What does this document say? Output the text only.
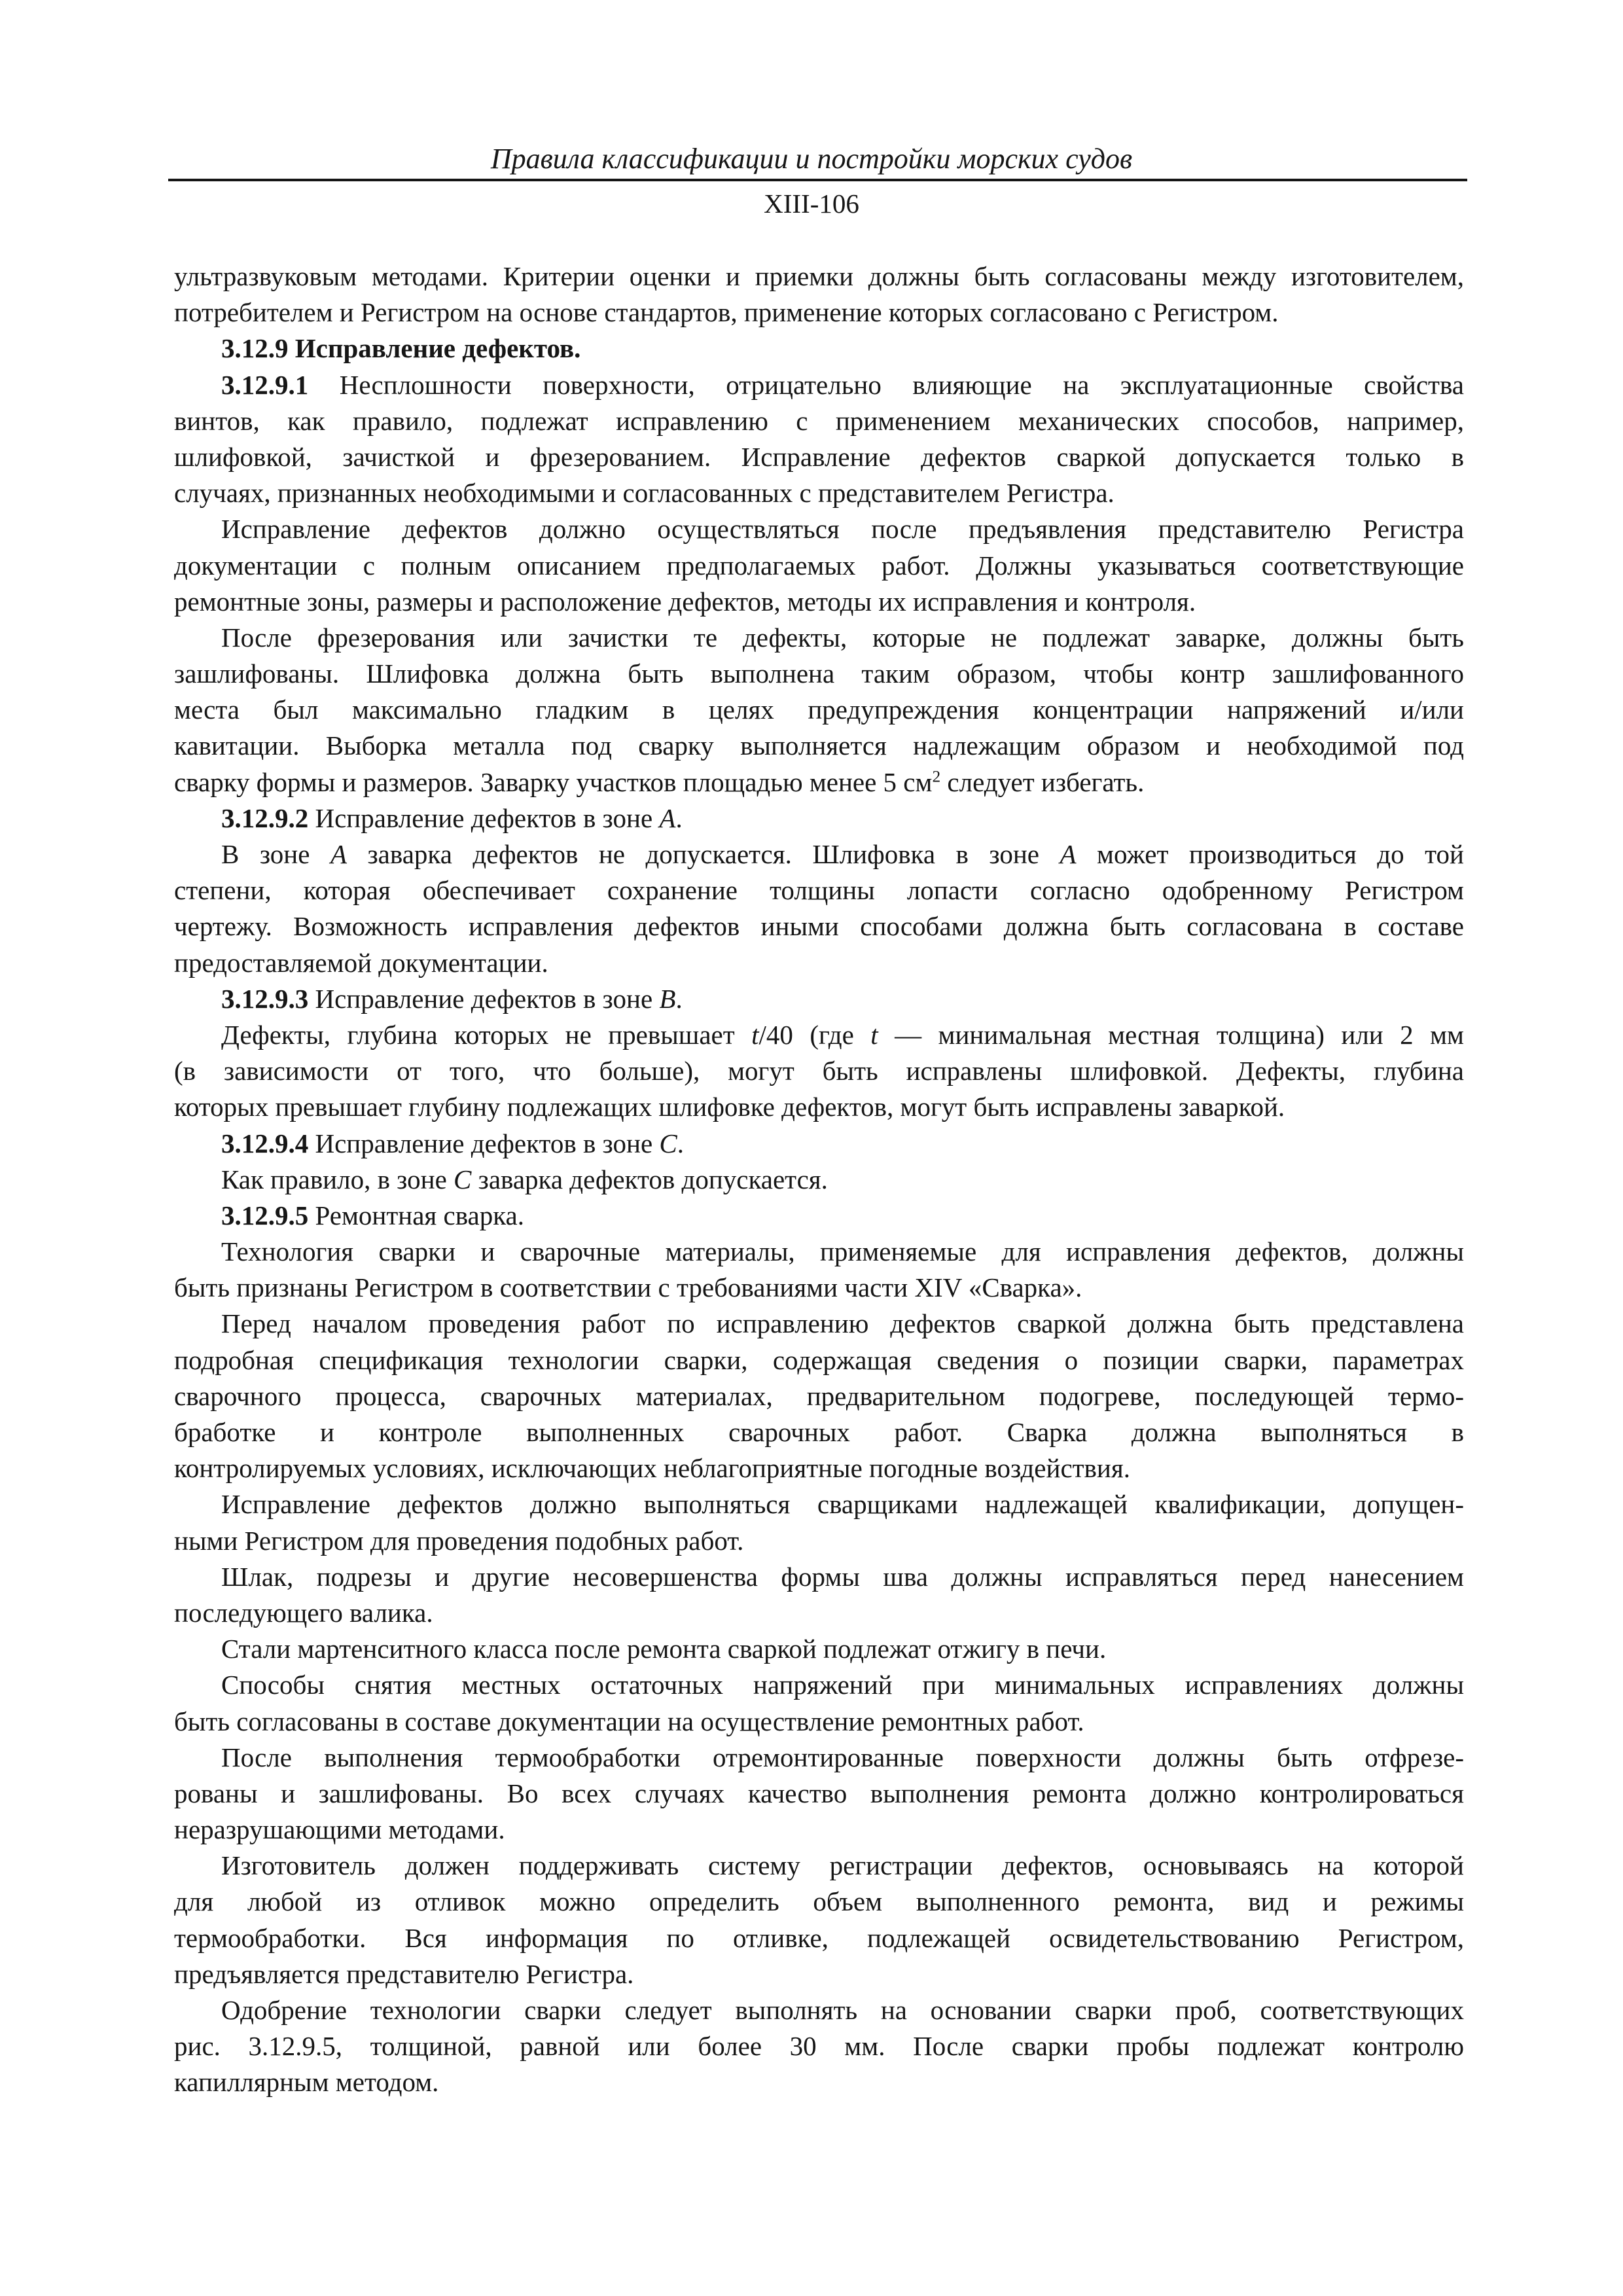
Правила классификации и постройки морских судов
XIII-106
ультразвуковым методами. Критерии оценки и приемки должны быть согласованы между изготовителем,
потребителем и Регистром на основе стандартов, применение которых согласовано с Регистром.
3.12.9 Исправление дефектов.
3.12.9.1 Несплошности поверхности, отрицательно влияющие на эксплуатационные свойства
винтов, как правило, подлежат исправлению с применением механических способов, например,
шлифовкой, зачисткой и фрезерованием. Исправление дефектов сваркой допускается только в
случаях, признанных необходимыми и согласованных с представителем Регистра.
Исправление дефектов должно осуществляться после предъявления представителю Регистра
документации с полным описанием предполагаемых работ. Должны указываться соответствующие
ремонтные зоны, размеры и расположение дефектов, методы их исправления и контроля.
После фрезерования или зачистки те дефекты, которые не подлежат заварке, должны быть
зашлифованы. Шлифовка должна быть выполнена таким образом, чтобы контр зашлифованного
места был максимально гладким в целях предупреждения концентрации напряжений и/или
кавитации. Выборка металла под сварку выполняется надлежащим образом и необходимой под
сварку формы и размеров. Заварку участков площадью менее 5 $см^2$ следует избегать.
3.12.9.2 Исправление дефектов в зоне A.
В зоне A заварка дефектов не допускается. Шлифовка в зоне A может производиться до той
степени, которая обеспечивает сохранение толщины лопасти согласно одобренному Регистром
чертежу. Возможность исправления дефектов иными способами должна быть согласована в составе
предоставляемой документации.
3.12.9.3 Исправление дефектов в зоне B.
Дефекты, глубина которых не превышает t/40 (где t — минимальная местная толщина) или 2 мм
(в зависимости от того, что больше), могут быть исправлены шлифовкой. Дефекты, глубина
которых превышает глубину подлежащих шлифовке дефектов, могут быть исправлены заваркой.
3.12.9.4 Исправление дефектов в зоне C.
Как правило, в зоне C заварка дефектов допускается.
3.12.9.5 Ремонтная сварка.
Технология сварки и сварочные материалы, применяемые для исправления дефектов, должны
быть признаны Регистром в соответствии с требованиями части XIV «Сварка».
Перед началом проведения работ по исправлению дефектов сваркой должна быть представлена
подробная спецификация технологии сварки, содержащая сведения о позиции сварки, параметрах
сварочного процесса, сварочных материалах, предварительном подогреве, последующей термо-
бработке и контроле выполненных сварочных работ. Сварка должна выполняться в
контролируемых условиях, исключающих неблагоприятные погодные воздействия.
Исправление дефектов должно выполняться сварщиками надлежащей квалификации, допущен-
ными Регистром для проведения подобных работ.
Шлак, подрезы и другие несовершенства формы шва должны исправляться перед нанесением
последующего валика.
Стали мартенситного класса после ремонта сваркой подлежат отжигу в печи.
Способы снятия местных остаточных напряжений при минимальных исправлениях должны
быть согласованы в составе документации на осуществление ремонтных работ.
После выполнения термообработки отремонтированные поверхности должны быть отфрезе-
рованы и зашлифованы. Во всех случаях качество выполнения ремонта должно контролироваться
неразрушающими методами.
Изготовитель должен поддерживать систему регистрации дефектов, основываясь на которой
для любой из отливок можно определить объем выполненного ремонта, вид и режимы
термообработки. Вся информация по отливке, подлежащей освидетельствованию Регистром,
предъявляется представителю Регистра.
Одобрение технологии сварки следует выполнять на основании сварки проб, соответствующих
рис. 3.12.9.5, толщиной, равной или более 30 мм. После сварки пробы подлежат контролю
капиллярным методом.
